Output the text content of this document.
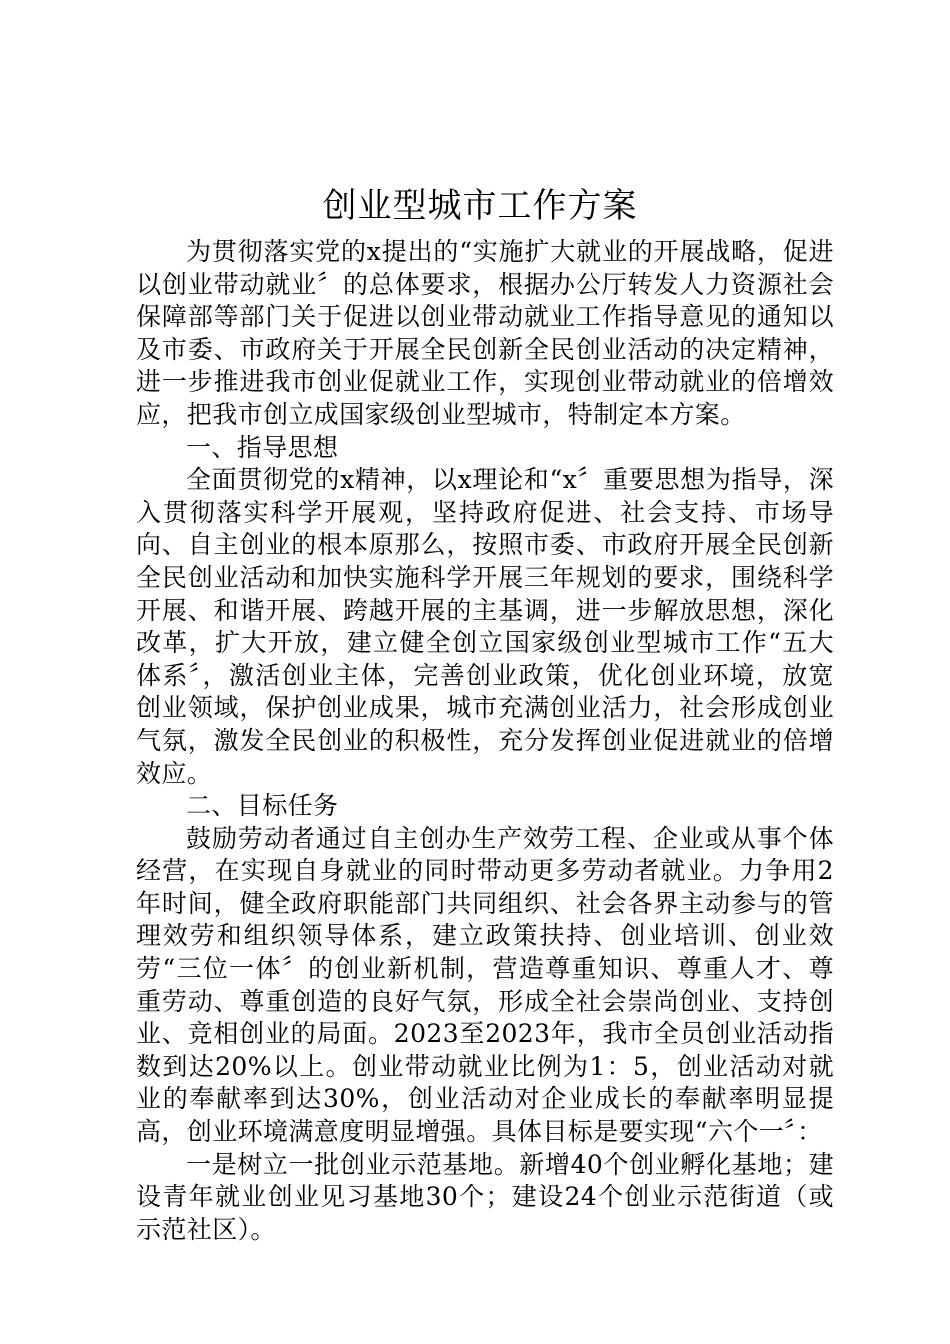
创业型城市工作方案

为贯彻落实党的x提出的“实施扩大就业的开展战略，促进以创业带动就业〞的总体要求，根据办公厅转发人力资源社会保障部等部门关于促进以创业带动就业工作指导意见的通知以及市委、市政府关于开展全民创新全民创业活动的决定精神，进一步推进我市创业促就业工作，实现创业带动就业的倍增效应，把我市创立成国家级创业型城市，特制定本方案。

一、指导思想

全面贯彻党的x精神，以x理论和“x〞重要思想为指导，深入贯彻落实科学开展观，坚持政府促进、社会支持、市场导向、自主创业的根本原那么，按照市委、市政府开展全民创新全民创业活动和加快实施科学开展三年规划的要求，围绕科学开展、和谐开展、跨越开展的主基调，进一步解放思想，深化改革，扩大开放，建立健全创立国家级创业型城市工作“五大体系〞，激活创业主体，完善创业政策，优化创业环境，放宽创业领域，保护创业成果，城市充满创业活力，社会形成创业气氛，激发全民创业的积极性，充分发挥创业促进就业的倍增效应。

二、目标任务

鼓励劳动者通过自主创办生产效劳工程、企业或从事个体经营，在实现自身就业的同时带动更多劳动者就业。力争用2年时间，健全政府职能部门共同组织、社会各界主动参与的管理效劳和组织领导体系，建立政策扶持、创业培训、创业效劳“三位一体〞的创业新机制，营造尊重知识、尊重人才、尊重劳动、尊重创造的良好气氛，形成全社会崇尚创业、支持创业、竞相创业的局面。2023至2023年，我市全员创业活动指数到达20%以上。创业带动就业比例为1：5，创业活动对就业的奉献率到达30%，创业活动对企业成长的奉献率明显提高，创业环境满意度明显增强。具体目标是要实现“六个一〞：

一是树立一批创业示范基地。新增40个创业孵化基地；建设青年就业创业见习基地30个；建设24个创业示范街道（或示范社区）。
